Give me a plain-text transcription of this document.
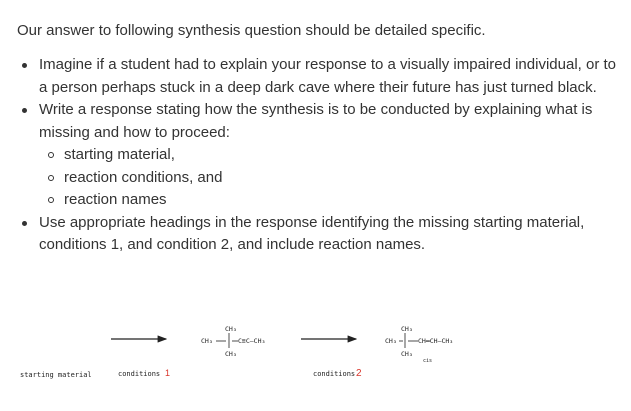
Our answer to following synthesis question should be detailed specific.
Imagine if a student had to explain your response to a visually impaired individual, or to a person perhaps stuck in a deep dark cave where their future has just turned black.
Write a response stating how the synthesis is to be conducted by explaining what is missing and how to proceed:
starting material,
reaction conditions, and
reaction names
Use appropriate headings in the response identifying the missing starting material, conditions 1, and condition 2, and include reaction names.
CH₃
CH₃	C≡C–CH₃
CH₃
CH₃
CH₃	CH═CH–CH₃
CH₃
cis
starting material	conditions 1	conditions 2
